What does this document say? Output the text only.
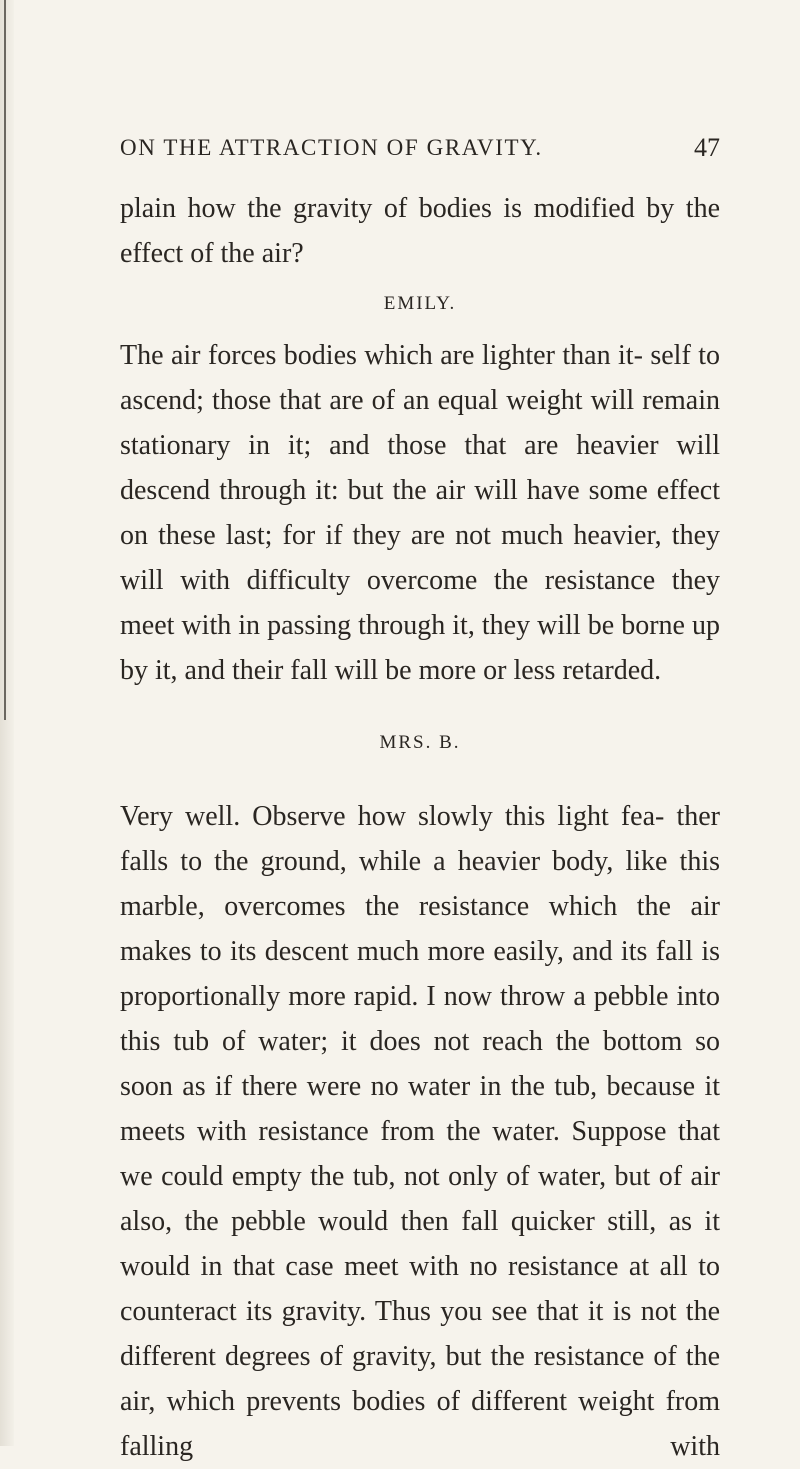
ON THE ATTRACTION OF GRAVITY.	47

plain how the gravity of bodies is modified by the effect of the air?

EMILY.

The air forces bodies which are lighter than it- self to ascend; those that are of an equal weight will remain stationary in it; and those that are heavier will descend through it: but the air will have some effect on these last; for if they are not much heavier, they will with difficulty overcome the resistance they meet with in passing through it, they will be borne up by it, and their fall will be more or less retarded.

MRS. B.

Very well. Observe how slowly this light fea- ther falls to the ground, while a heavier body, like this marble, overcomes the resistance which the air makes to its descent much more easily, and its fall is proportionally more rapid. I now throw a pebble into this tub of water; it does not reach the bottom so soon as if there were no water in the tub, because it meets with resistance from the water. Suppose that we could empty the tub, not only of water, but of air also, the pebble would then fall quicker still, as it would in that case meet with no resistance at all to counteract its gravity. Thus you see that it is not the different degrees of gravity, but the resistance of the air, which prevents bodies of different weight from falling with
